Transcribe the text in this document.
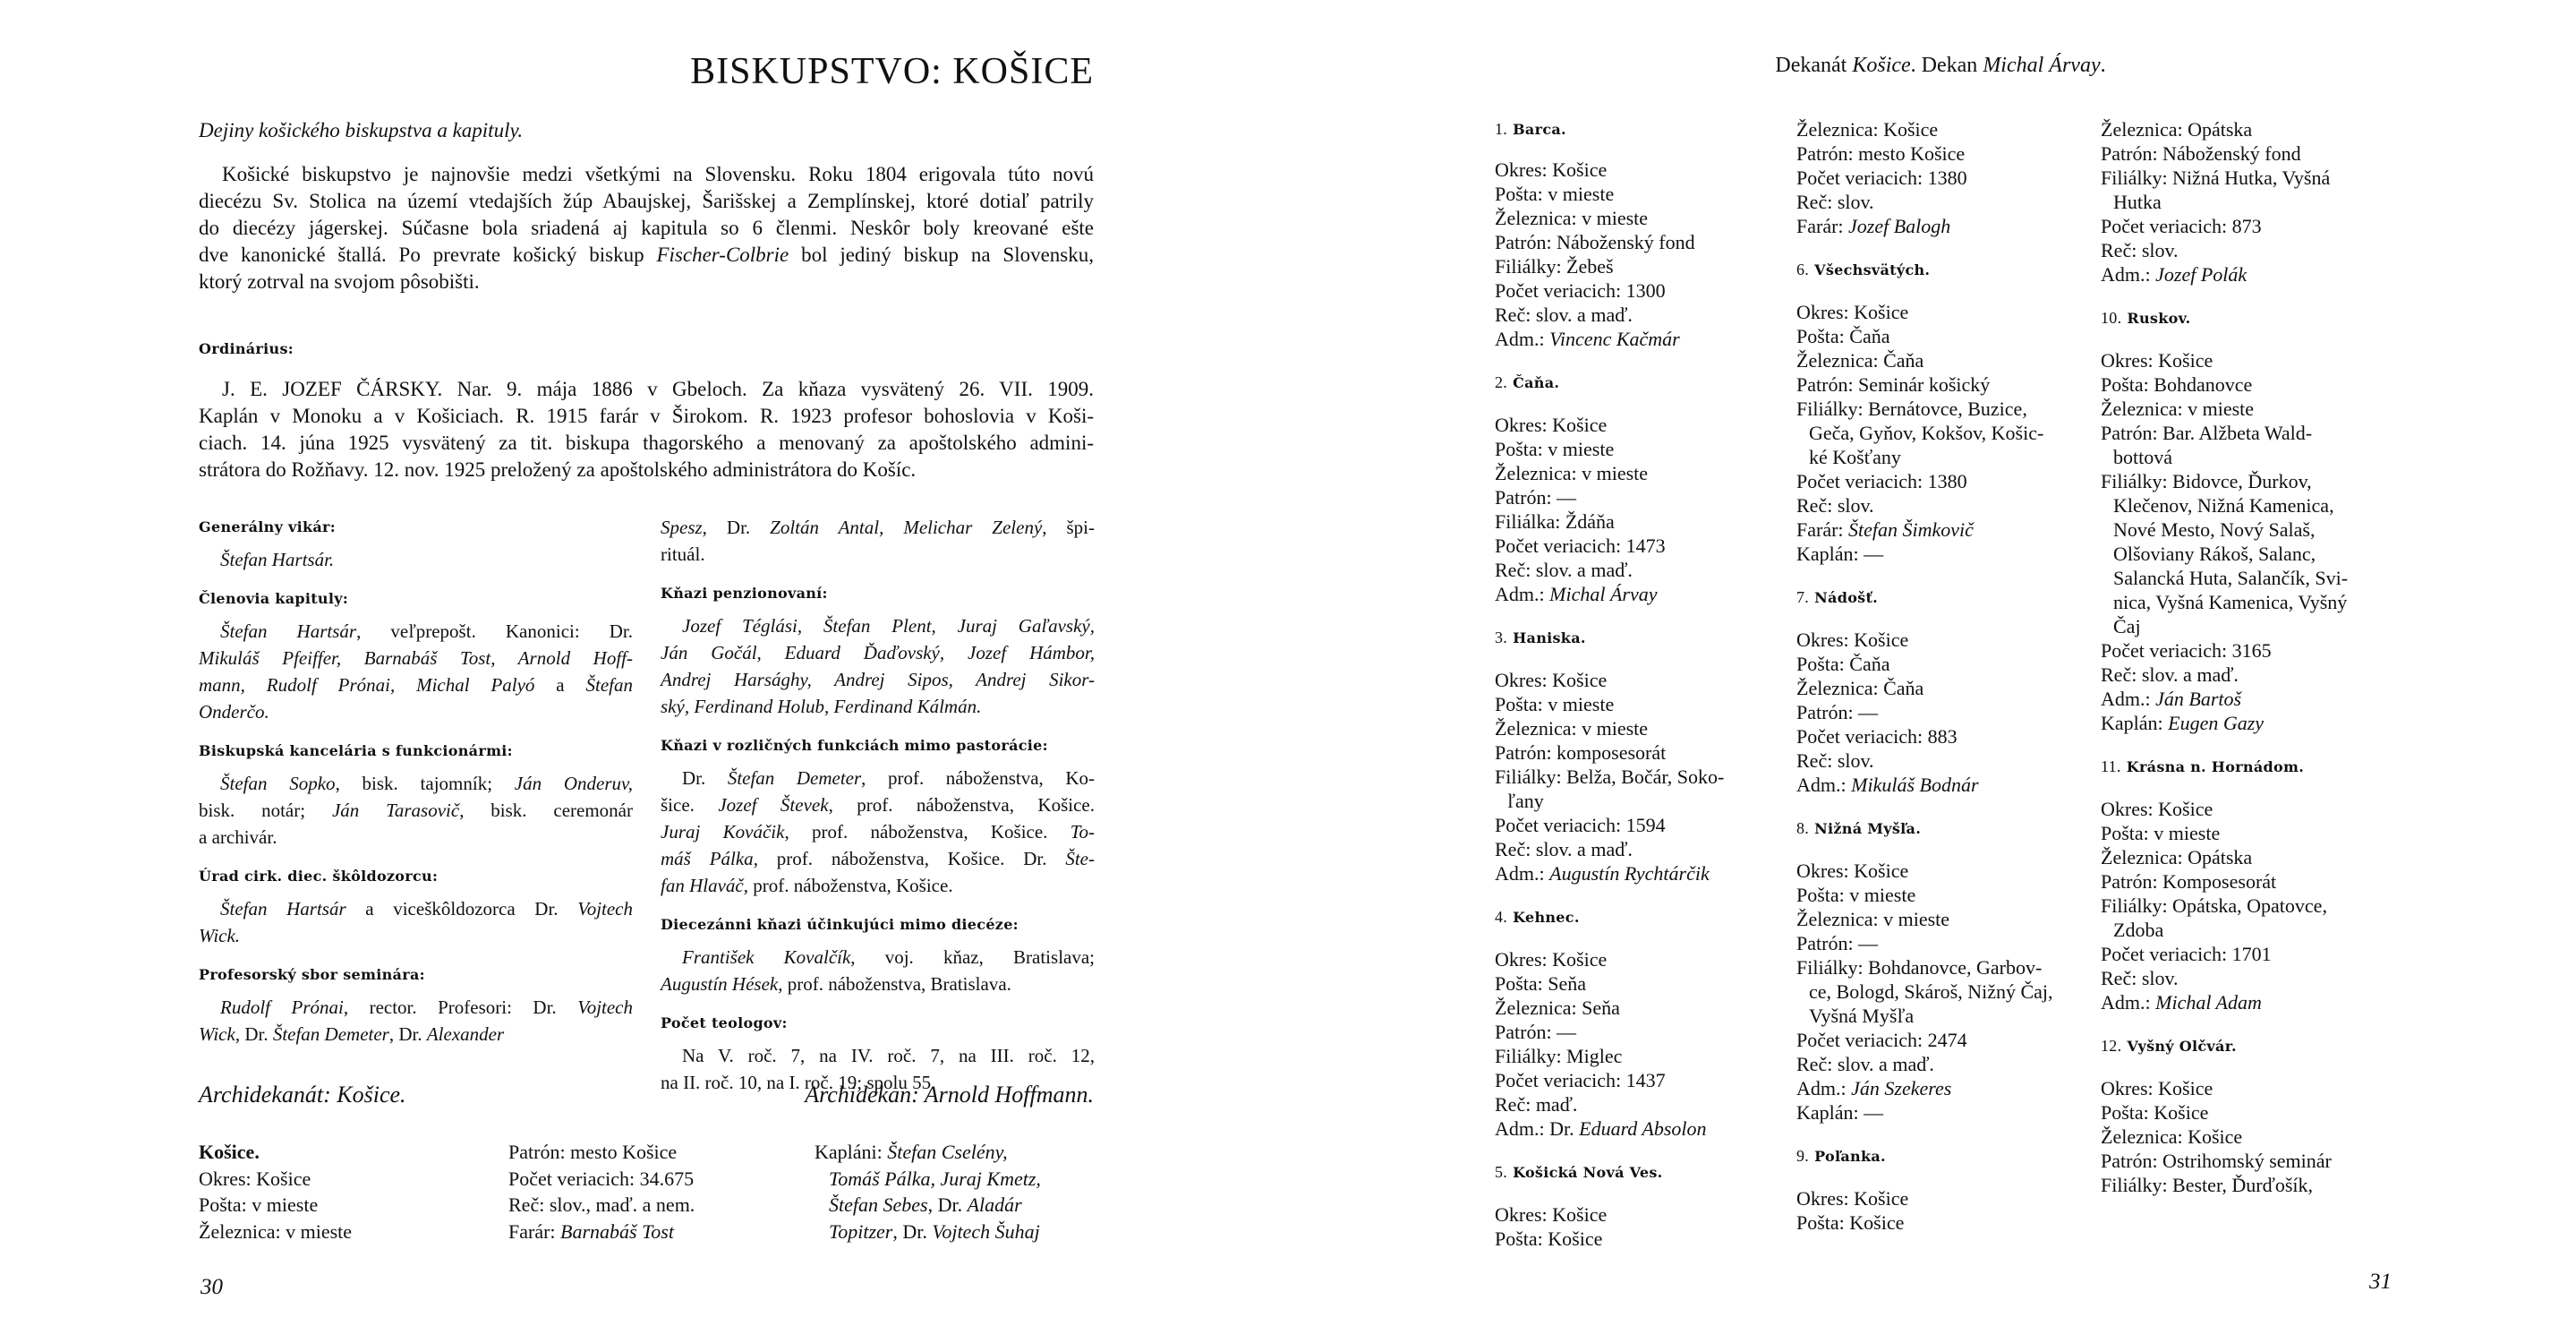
BISKUPSTVO: KOŠICE
Dejiny košického biskupstva a kapituly.
Košické biskupstvo je najnovšie medzi všetkými na Slovensku. Roku 1804 erigovala túto novú
diecézu Sv. Stolica na území vtedajších žúp Abaujskej, Šarišskej a Zemplínskej, ktoré dotiaľ patrily
do diecézy jágerskej. Súčasne bola sriadená aj kapitula so 6 členmi. Neskôr boly kreované ešte
dve kanonické štallá. Po prevrate košický biskup Fischer-Colbrie bol jediný biskup na Slovensku,
ktorý zotrval na svojom pôsobišti.
Ordinárius:
J. E. JOZEF ČÁRSKY. Nar. 9. mája 1886 v Gbeloch. Za kňaza vysvätený 26. VII. 1909.
Kaplán v Monoku a v Košiciach. R. 1915 farár v Širokom. R. 1923 profesor bohoslovia v Koši-
ciach. 14. júna 1925 vysvätený za tit. biskupa thagorského a menovaný za apoštolského admini-
strátora do Rožňavy. 12. nov. 1925 preložený za apoštolského administrátora do Košíc.
Generálny vikár:
Štefan Hartsár.
Členovia kapituly:
Štefan Hartsár, veľprepošt. Kanonici: Dr.
Mikuláš Pfeiffer, Barnabáš Tost, Arnold Hoff-
mann, Rudolf Prónai, Michal Palyó a Štefan
Onderčo.
Biskupská kancelária s funkcionármi:
Štefan Sopko, bisk. tajomník; Ján Onderuv,
bisk. notár; Ján Tarasovič, bisk. ceremonár
a archivár.
Úrad cirk. diec. škôldozorcu:
Štefan Hartsár a viceškôldozorca Dr. Vojtech
Wick.
Profesorský sbor seminára:
Rudolf Prónai, rector. Profesori: Dr. Vojtech
Wick, Dr. Štefan Demeter, Dr. Alexander
Spesz, Dr. Zoltán Antal, Melichar Zelený, špi-
rituál.
Kňazi penzionovaní:
Jozef Téglási, Štefan Plent, Juraj Gaľavský,
Ján Gočál, Eduard Ďaďovský, Jozef Hámbor,
Andrej Harsághy, Andrej Sipos, Andrej Sikor-
ský, Ferdinand Holub, Ferdinand Kálmán.
Kňazi v rozličných funkciách mimo pastorácie:
Dr. Štefan Demeter, prof. náboženstva, Ko-
šice. Jozef Števek, prof. náboženstva, Košice.
Juraj Kováčik, prof. náboženstva, Košice. To-
máš Pálka, prof. náboženstva, Košice. Dr. Šte-
fan Hlaváč, prof. náboženstva, Košice.
Diecezánni kňazi účinkujúci mimo diecéze:
František Kovalčík, voj. kňaz, Bratislava;
Augustín Hések, prof. náboženstva, Bratislava.
Počet teologov:
Na V. roč. 7, na IV. roč. 7, na III. roč. 12,
na II. roč. 10, na I. roč. 19; spolu 55.
Archidekanát: Košice.	Archidekan: Arnold Hoffmann.
Košice.
Okres: Košice
Pošta: v mieste
Železnica: v mieste
Patrón: mesto Košice
Počet veriacich: 34.675
Reč: slov., maď. a nem.
Farár: Barnabáš Tost
Kapláni: Štefan Cselény,
Tomáš Pálka, Juraj Kmetz,
Štefan Sebes, Dr. Aladár
Topitzer, Dr. Vojtech Šuhaj
30
Dekanát Košice. Dekan Michal Árvay.
1. Barca.
Okres: Košice
Pošta: v mieste
Železnica: v mieste
Patrón: Náboženský fond
Filiálky: Žebeš
Počet veriacich: 1300
Reč: slov. a maď.
Adm.: Vincenc Kačmár
2. Čaňa.
Okres: Košice
Pošta: v mieste
Železnica: v mieste
Patrón: —
Filiálka: Ždáňa
Počet veriacich: 1473
Reč: slov. a maď.
Adm.: Michal Árvay
3. Haniska.
Okres: Košice
Pošta: v mieste
Železnica: v mieste
Patrón: komposesorát
Filiálky: Belža, Bočár, Soko-
ľany
Počet veriacich: 1594
Reč: slov. a maď.
Adm.: Augustín Rychtárčik
4. Kehnec.
Okres: Košice
Pošta: Seňa
Železnica: Seňa
Patrón: —
Filiálky: Miglec
Počet veriacich: 1437
Reč: maď.
Adm.: Dr. Eduard Absolon
5. Košická Nová Ves.
Okres: Košice
Pošta: Košice
Železnica: Košice
Patrón: mesto Košice
Počet veriacich: 1380
Reč: slov.
Farár: Jozef Balogh
6. Všechsvätých.
Okres: Košice
Pošta: Čaňa
Železnica: Čaňa
Patrón: Seminár košický
Filiálky: Bernátovce, Buzice,
Geča, Gyňov, Kokšov, Košic-
ké Košťany
Počet veriacich: 1380
Reč: slov.
Farár: Štefan Šimkovič
Kaplán: —
7. Nádošť.
Okres: Košice
Pošta: Čaňa
Železnica: Čaňa
Patrón: —
Počet veriacich: 883
Reč: slov.
Adm.: Mikuláš Bodnár
8. Nižná Myšľa.
Okres: Košice
Pošta: v mieste
Železnica: v mieste
Patrón: —
Filiálky: Bohdanovce, Garbov-
ce, Bologd, Skároš, Nižný Čaj,
Vyšná Myšľa
Počet veriacich: 2474
Reč: slov. a maď.
Adm.: Ján Szekeres
Kaplán: —
9. Poľanka.
Okres: Košice
Pošta: Košice
Železnica: Opátska
Patrón: Náboženský fond
Filiálky: Nižná Hutka, Vyšná
Hutka
Počet veriacich: 873
Reč: slov.
Adm.: Jozef Polák
10. Ruskov.
Okres: Košice
Pošta: Bohdanovce
Železnica: v mieste
Patrón: Bar. Alžbeta Wald-
bottová
Filiálky: Bidovce, Ďurkov,
Klečenov, Nižná Kamenica,
Nové Mesto, Nový Salaš,
Olšoviany Rákoš, Salanc,
Salancká Huta, Salančík, Svi-
nica, Vyšná Kamenica, Vyšný
Čaj
Počet veriacich: 3165
Reč: slov. a maď.
Adm.: Ján Bartoš
Kaplán: Eugen Gazy
11. Krásna n. Hornádom.
Okres: Košice
Pošta: v mieste
Železnica: Opátska
Patrón: Komposesorát
Filiálky: Opátska, Opatovce,
Zdoba
Počet veriacich: 1701
Reč: slov.
Adm.: Michal Adam
12. Vyšný Olčvár.
Okres: Košice
Pošta: Košice
Železnica: Košice
Patrón: Ostrihomský seminár
Filiálky: Bester, Ďurďošík,
31
